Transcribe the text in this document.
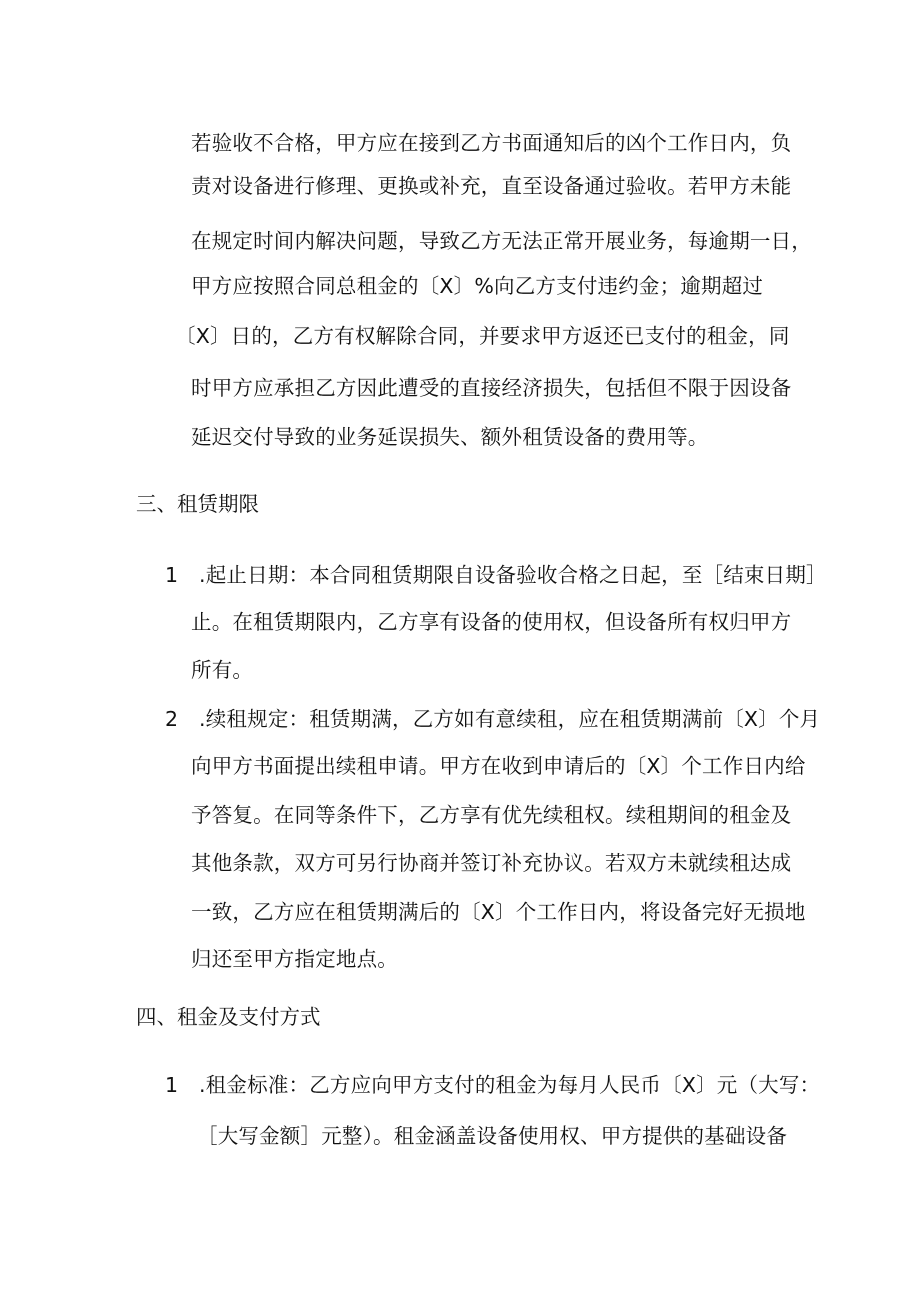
若验收不合格，甲方应在接到乙方书面通知后的凶个工作日内，负
责对设备进行修理、更换或补充，直至设备通过验收。若甲方未能
在规定时间内解决问题，导致乙方无法正常开展业务，每逾期一日，
甲方应按照合同总租金的〔X〕%向乙方支付违约金；逾期超过
〔X〕日的，乙方有权解除合同，并要求甲方返还已支付的租金，同
时甲方应承担乙方因此遭受的直接经济损失，包括但不限于因设备
延迟交付导致的业务延误损失、额外租赁设备的费用等。
三、租赁期限
1 .起止日期：本合同租赁期限自设备验收合格之日起，至［结束日期］
止。在租赁期限内，乙方享有设备的使用权，但设备所有权归甲方
所有。
2 .续租规定：租赁期满，乙方如有意续租，应在租赁期满前〔X〕个月
向甲方书面提出续租申请。甲方在收到申请后的〔X〕个工作日内给
予答复。在同等条件下，乙方享有优先续租权。续租期间的租金及
其他条款，双方可另行协商并签订补充协议。若双方未就续租达成
一致，乙方应在租赁期满后的〔X〕个工作日内，将设备完好无损地
归还至甲方指定地点。
四、租金及支付方式
1 .租金标准：乙方应向甲方支付的租金为每月人民币〔X〕元（大写：
［大写金额］元整）。租金涵盖设备使用权、甲方提供的基础设备
